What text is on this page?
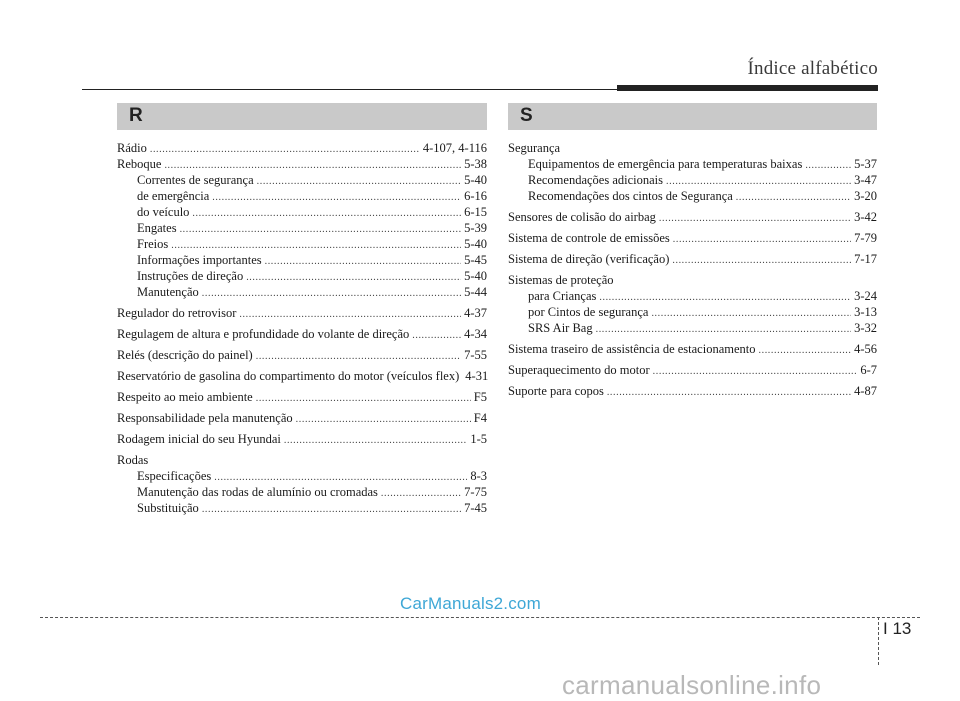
Índice alfabético
R	S
Rádio .....	4-107, 4-116
Reboque .....	5-38
Correntes de segurança .....	5-40
de emergência .....	6-16
do veículo .....	6-15
Engates .....	5-39
Freios .....	5-40
Informações importantes .....	5-45
Instruções de direção .....	5-40
Manutenção .....	5-44
Regulador do retrovisor .....	4-37
Regulagem de altura e profundidade do volante de direção .....	4-34
Relés (descrição do painel) .....	7-55
Reservatório de gasolina do compartimento do motor (veículos flex) 4-31
Respeito ao meio ambiente .....	F5
Responsabilidade pela manutenção .....	F4
Rodagem inicial do seu Hyundai .....	1-5
Rodas
Especificações .....	8-3
Manutenção das rodas de alumínio ou cromadas .....	7-75
Substituição .....	7-45
Segurança
Equipamentos de emergência para temperaturas baixas .....	5-37
Recomendações adicionais .....	3-47
Recomendações dos cintos de Segurança .....	3-20
Sensores de colisão do airbag .....	3-42
Sistema de controle de emissões .....	7-79
Sistema de direção (verificação) .....	7-17
Sistemas de proteção
para Crianças .....	3-24
por Cintos de segurança .....	3-13
SRS Air Bag .....	3-32
Sistema traseiro de assistência de estacionamento .....	4-56
Superaquecimento do motor .....	6-7
Suporte para copos .....	4-87
I 13
CarManuals2.com
carmanualsonline.info
